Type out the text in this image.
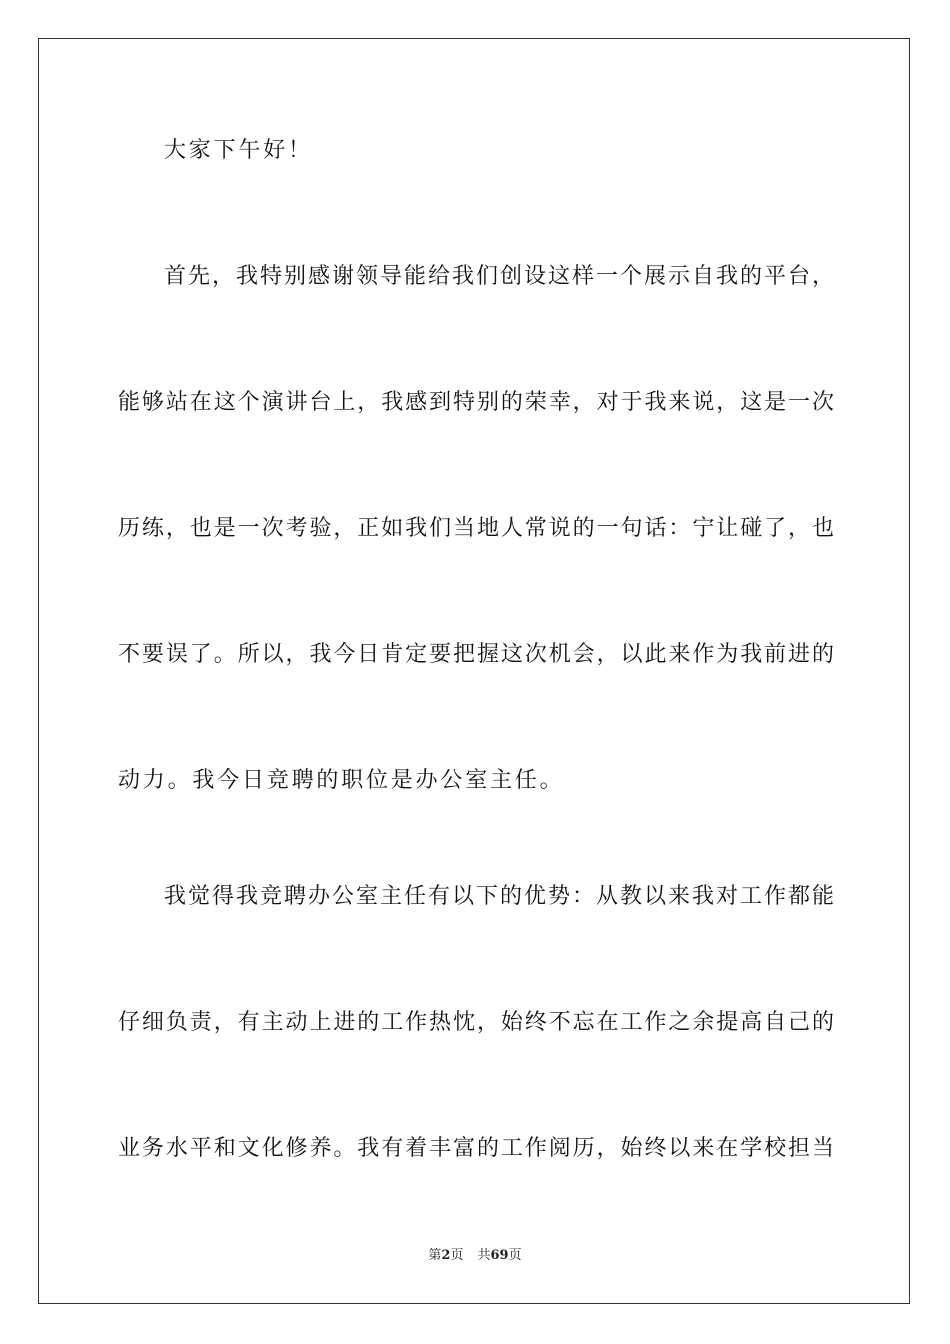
大家下午好！
首先，我特别感谢领导能给我们创设这样一个展示自我的平台，
能够站在这个演讲台上，我感到特别的荣幸，对于我来说，这是一次
历练，也是一次考验，正如我们当地人常说的一句话：宁让碰了，也
不要误了。所以，我今日肯定要把握这次机会，以此来作为我前进的
动力。我今日竞聘的职位是办公室主任。
我觉得我竞聘办公室主任有以下的优势：从教以来我对工作都能
仔细负责，有主动上进的工作热忱，始终不忘在工作之余提高自己的
业务水平和文化修养。我有着丰富的工作阅历，始终以来在学校担当
第2页 共69页
